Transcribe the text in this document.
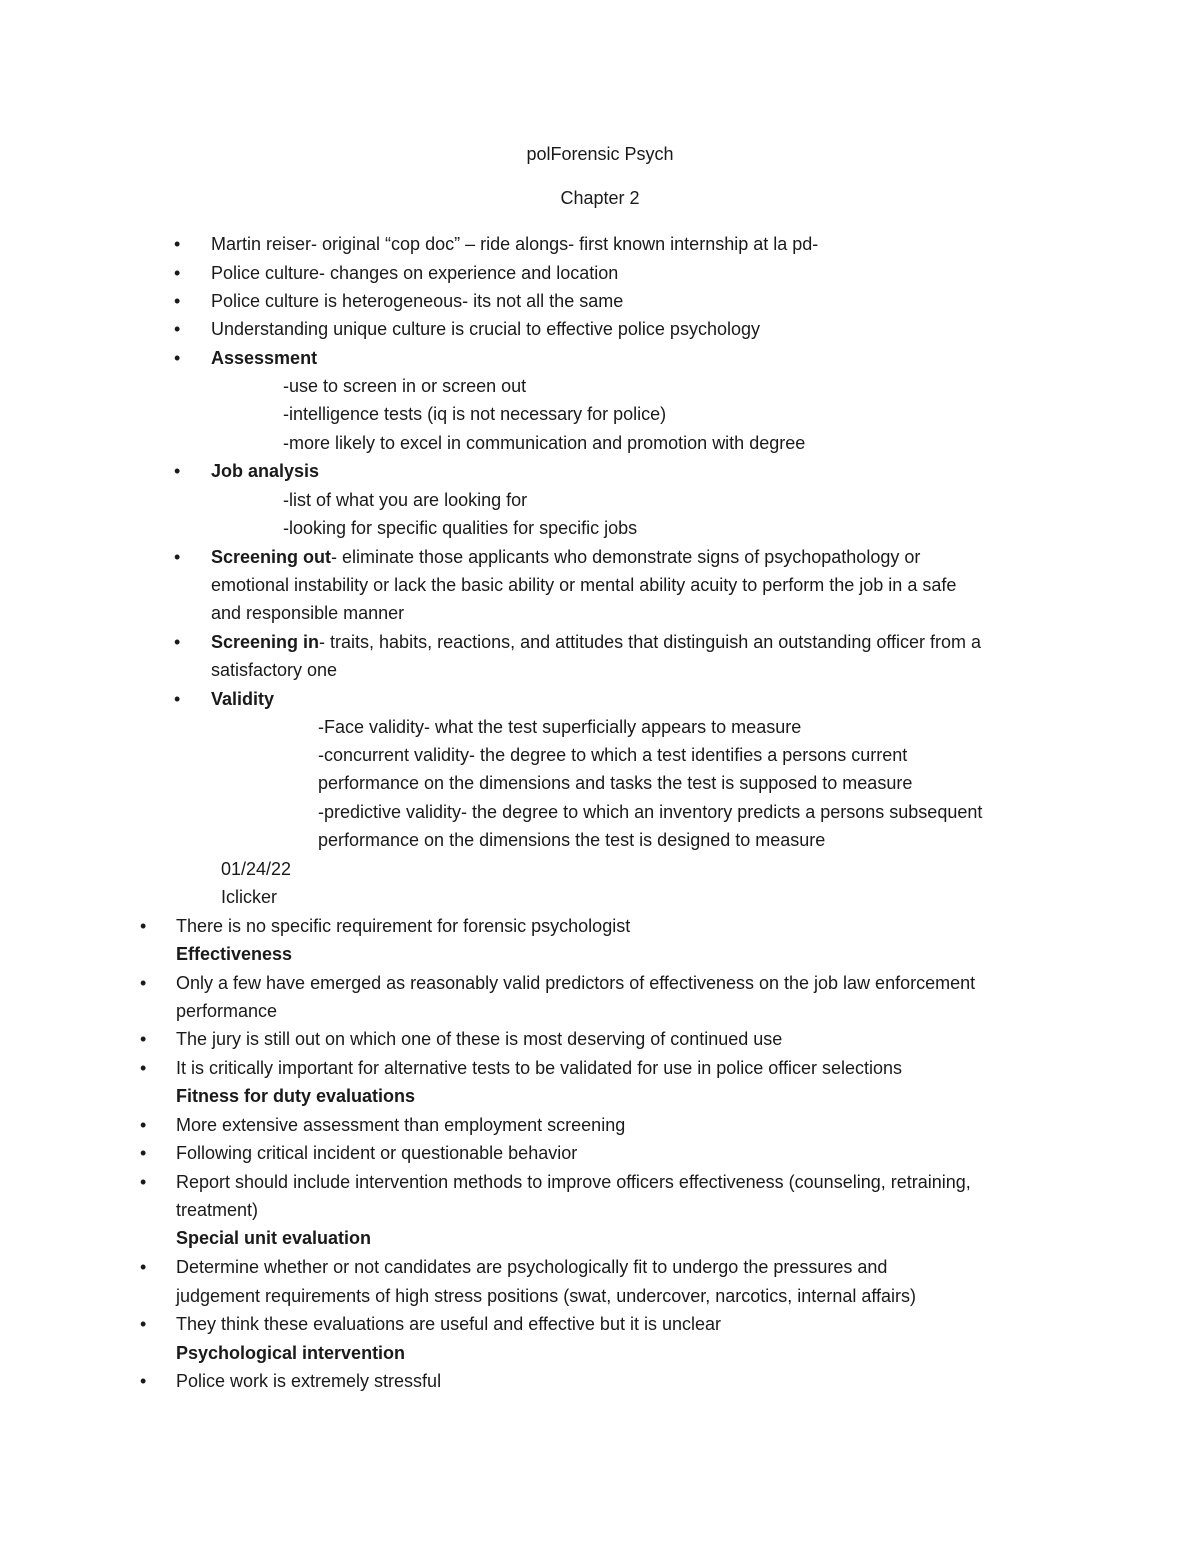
polForensic Psych
Chapter 2
• Martin reiser- original “cop doc” – ride alongs- first known internship at la pd-
• Police culture- changes on experience and location
• Police culture is heterogeneous- its not all the same
• Understanding unique culture is crucial to effective police psychology
• Assessment
-use to screen in or screen out
-intelligence tests (iq is not necessary for police)
-more likely to excel in communication and promotion with degree
• Job analysis
-list of what you are looking for
-looking for specific qualities for specific jobs
• Screening out- eliminate those applicants who demonstrate signs of psychopathology or
emotional instability or lack the basic ability or mental ability acuity to perform the job in a safe
and responsible manner
• Screening in- traits, habits, reactions, and attitudes that distinguish an outstanding officer from a
satisfactory one
• Validity
-Face validity- what the test superficially appears to measure
-concurrent validity- the degree to which a test identifies a persons current
performance on the dimensions and tasks the test is supposed to measure
-predictive validity- the degree to which an inventory predicts a persons subsequent
performance on the dimensions the test is designed to measure
01/24/22
Iclicker
• There is no specific requirement for forensic psychologist
Effectiveness
• Only a few have emerged as reasonably valid predictors of effectiveness on the job law enforcement
performance
• The jury is still out on which one of these is most deserving of continued use
• It is critically important for alternative tests to be validated for use in police officer selections
Fitness for duty evaluations
• More extensive assessment than employment screening
• Following critical incident or questionable behavior
• Report should include intervention methods to improve officers effectiveness (counseling, retraining,
treatment)
Special unit evaluation
• Determine whether or not candidates are psychologically fit to undergo the pressures and
judgement requirements of high stress positions (swat, undercover, narcotics, internal affairs)
• They think these evaluations are useful and effective but it is unclear
Psychological intervention
• Police work is extremely stressful
